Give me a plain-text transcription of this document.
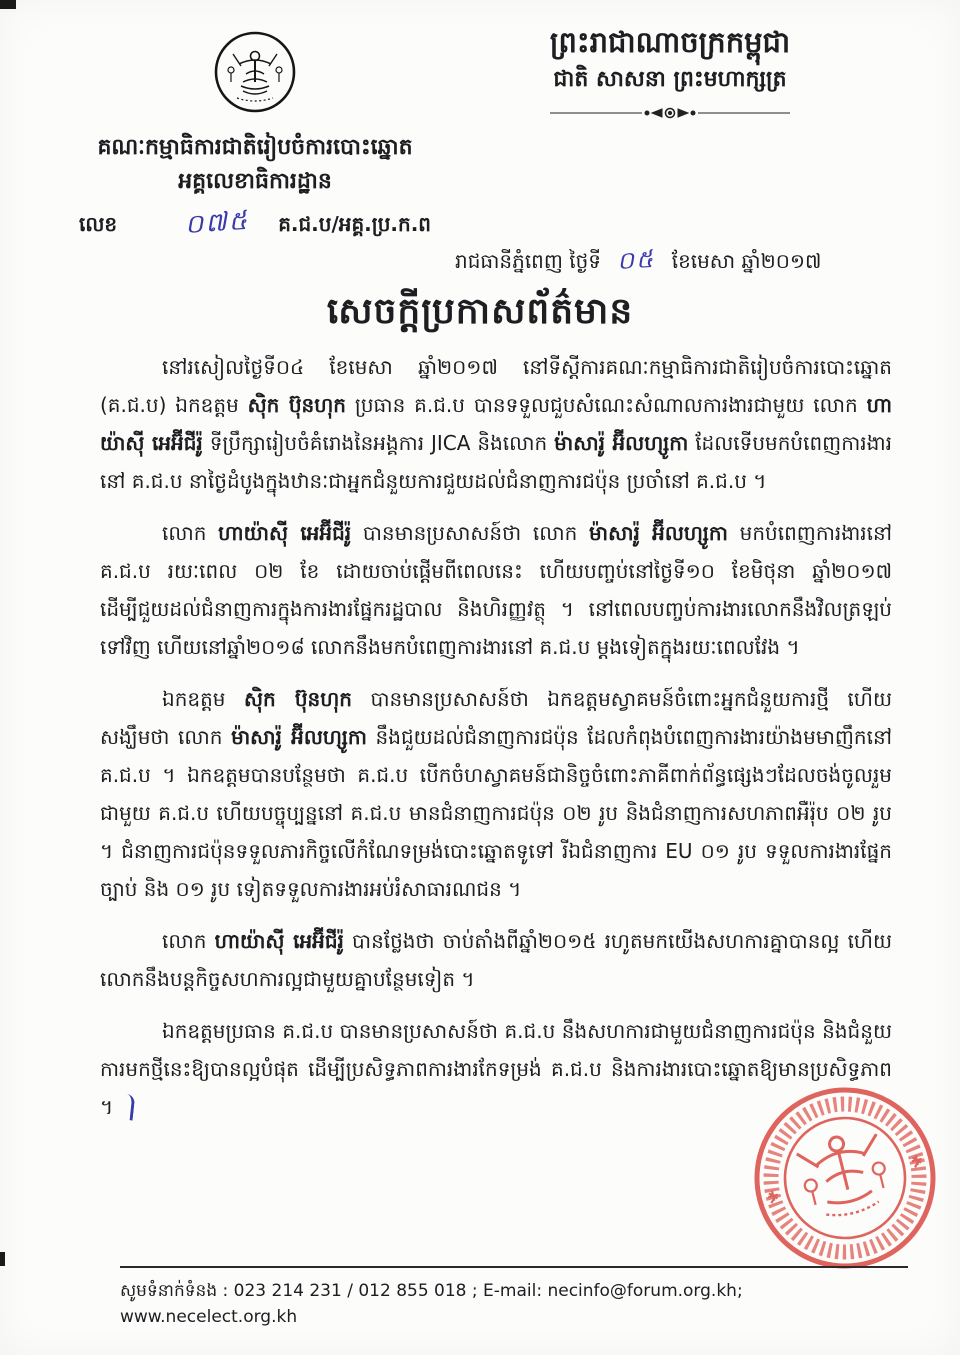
គណៈកម្មាធិការជាតិរៀបចំការបោះឆ្នោត
អគ្គលេខាធិការដ្ឋាន
លេខ	០៧៥	គ.ជ.ប/អគ្គ.ប្រ.ក.ព
ព្រះរាជាណាចក្រកម្ពុជា
ជាតិ សាសនា ព្រះមហាក្សត្រ
រាជធានីភ្នំពេញ ថ្ងៃទី ០៥ ខែមេសា ឆ្នាំ២០១៧
សេចក្តីប្រកាសព័ត៌មាន

នៅរសៀលថ្ងៃទី០៤ ខែមេសា ឆ្នាំ២០១៧ នៅទីស្តីការគណៈកម្មាធិការជាតិរៀបចំការបោះឆ្នោត (គ.ជ.ប) ឯកឧត្តម ស៊ិក ប៊ុនហុក ប្រធាន គ.ជ.ប បានទទួលជួបសំណេះសំណាលការងារជាមួយ លោក ហាយ៉ាស៊ី អេអ៊ីជីរ៉ូ ទីប្រឹក្សារៀបចំគំរោងនៃអង្គការ JICA និងលោក ម៉ាសារ៉ូ អ៊ីលហ្សូកា ដែលទើបមកបំពេញការងារនៅ គ.ជ.ប នាថ្ងៃដំបូងក្នុងឋានៈជាអ្នកជំនួយការជួយដល់ជំនាញការជប៉ុន ប្រចាំនៅ គ.ជ.ប ។

លោក ហាយ៉ាស៊ី អេអ៊ីជីរ៉ូ បានមានប្រសាសន៍ថា លោក ម៉ាសារ៉ូ អ៊ីលហ្សូកា មកបំពេញការងារនៅ គ.ជ.ប រយៈពេល ០២ ខែ ដោយចាប់ផ្តើមពីពេលនេះ ហើយបញ្ចប់នៅថ្ងៃទី១០ ខែមិថុនា ឆ្នាំ២០១៧ ដើម្បីជួយដល់ជំនាញការក្នុងការងារផ្នែករដ្ឋបាល និងហិរញ្ញវត្ថុ ។ នៅពេលបញ្ចប់ការងារលោកនឹងវិលត្រឡប់ទៅវិញ ហើយនៅឆ្នាំ២០១៨ លោកនឹងមកបំពេញការងារនៅ គ.ជ.ប ម្តងទៀតក្នុងរយៈពេលវែង ។

ឯកឧត្តម ស៊ិក ប៊ុនហុក បានមានប្រសាសន៍ថា ឯកឧត្តមស្វាគមន៍ចំពោះអ្នកជំនួយការថ្មី ហើយសង្ឃឹមថា លោក ម៉ាសារ៉ូ អ៊ីលហ្សូកា នឹងជួយដល់ជំនាញការជប៉ុន ដែលកំពុងបំពេញការងារយ៉ាងមមាញឹកនៅ គ.ជ.ប ។ ឯកឧត្តមបានបន្ថែមថា គ.ជ.ប បើកចំហស្វាគមន៍ជានិច្ចចំពោះភាគីពាក់ព័ន្ធផ្សេងៗដែលចង់ចូលរួមជាមួយ គ.ជ.ប ហើយបច្ចុប្បន្ននៅ គ.ជ.ប មានជំនាញការជប៉ុន ០២ រូប និងជំនាញការសហភាពអឺរ៉ុប ០២ រូប ។ ជំនាញការជប៉ុនទទួលភារកិច្ចលើកំណែទម្រង់បោះឆ្នោតទូទៅ រីឯជំនាញការ EU ០១ រូប ទទួលការងារផ្នែកច្បាប់ និង ០១ រូប ទៀតទទួលការងារអប់រំសាធារណជន ។

លោក ហាយ៉ាស៊ី អេអ៊ីជីរ៉ូ បានថ្លែងថា ចាប់តាំងពីឆ្នាំ២០១៥ រហូតមកយើងសហការគ្នាបានល្អ ហើយលោកនឹងបន្តកិច្ចសហការល្អជាមួយគ្នាបន្ថែមទៀត ។

ឯកឧត្តមប្រធាន គ.ជ.ប បានមានប្រសាសន៍ថា គ.ជ.ប នឹងសហការជាមួយជំនាញការជប៉ុន និងជំនួយការមកថ្មីនេះឱ្យបានល្អបំផុត ដើម្បីប្រសិទ្ធភាពការងារកែទម្រង់ គ.ជ.ប និងការងារបោះឆ្នោតឱ្យមានប្រសិទ្ធភាព ។

សូមទំនាក់ទំនង : 023 214 231 / 012 855 018 ; E-mail: necinfo@forum.org.kh; www.necelect.org.kh
